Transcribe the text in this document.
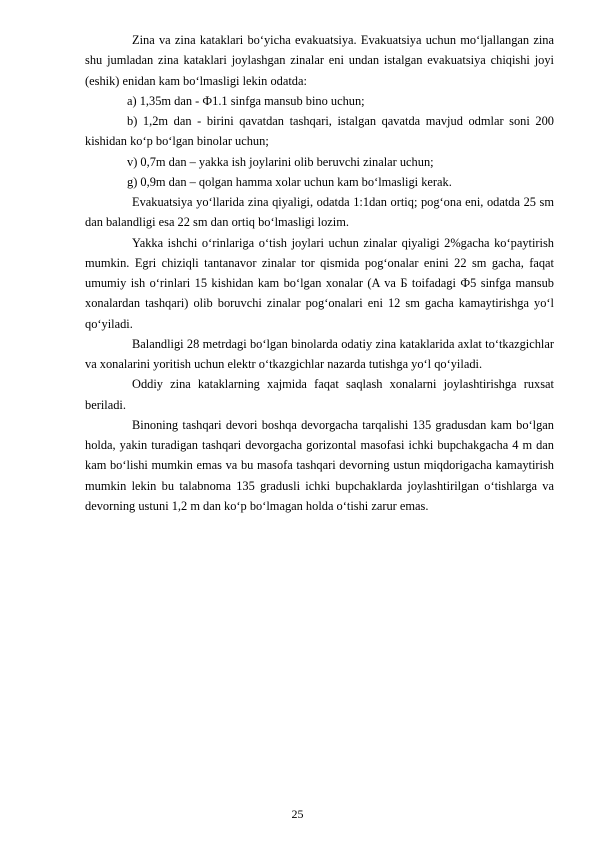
Zina va zina kataklari bo‘yicha evakuatsiya. Evakuatsiya uchun mo‘ljallangan zina shu jumladan zina kataklari joylashgan zinalar eni undan istalgan evakuatsiya chiqishi joyi (eshik) enidan kam bo‘lmasligi lekin odatda:

a) 1,35m dan - Ф1.1 sinfga mansub bino uchun;

b) 1,2m dan - birini qavatdan tashqari, istalgan qavatda mavjud odmlar soni 200 kishidan ko‘p bo‘lgan binolar uchun;

v) 0,7m dan – yakka ish joylarini olib beruvchi zinalar uchun;

g) 0,9m dan – qolgan hamma xolar uchun kam bo‘lmasligi kerak.

Evakuatsiya yo‘llarida zina qiyaligi, odatda 1:1dan ortiq; pog‘ona eni, odatda 25 sm dan balandligi esa 22 sm dan ortiq bo‘lmasligi lozim.

Yakka ishchi o‘rinlariga o‘tish joylari uchun zinalar qiyaligi 2%gacha ko‘paytirish mumkin. Egri chiziqli tantanavor zinalar tor qismida pog‘onalar enini 22 sm gacha, faqat umumiy ish o‘rinlari 15 kishidan kam bo‘lgan xonalar (A va Б toifadagi Ф5 sinfga mansub xonalardan tashqari) olib boruvchi zinalar pog‘onalari eni 12 sm gacha kamaytirishga yo‘l qo‘yiladi.

Balandligi 28 metrdagi bo‘lgan binolarda odatiy zina kataklarida axlat to‘tkazgichlar va xonalarini yoritish uchun elektr o‘tkazgichlar nazarda tutishga yo‘l qo‘yiladi.

Oddiy zina kataklarning xajmida faqat saqlash xonalarni joylashtirishga ruxsat beriladi.

Binoning tashqari devori boshqa devorgacha tarqalishi 135 gradusdan kam bo‘lgan holda, yakin turadigan tashqari devorgacha gorizontal masofasi ichki bupchakgacha 4 m dan kam bo‘lishi mumkin emas va bu masofa tashqari devorning ustun miqdorigacha kamaytirish mumkin lekin bu talabnoma 135 gradusli ichki bupchaklarda joylashtirilgan o‘tishlarga va devorning ustuni 1,2 m dan ko‘p bo‘lmagan holda o‘tishi zarur emas.

25
